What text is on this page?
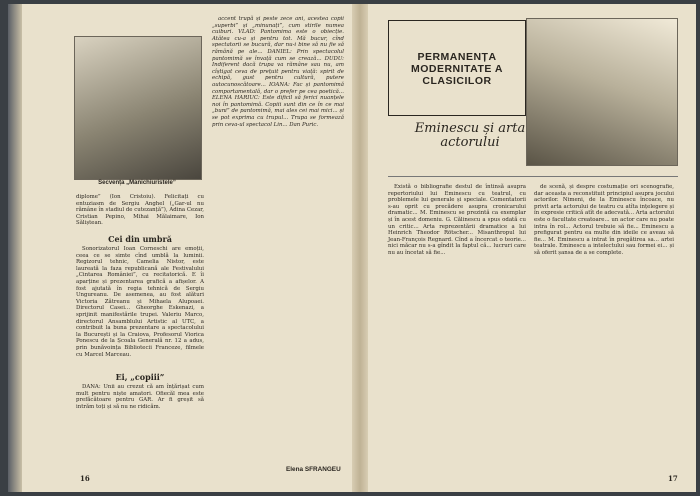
Secvența „Manichiuristele”
diplome” (Ion Cristoiu). Felicitați cu entuziasm de Sergiu Anghel („Gar-ul nu rămâne în stadiul de cutezanță”), Adina Cezar, Cristian Pepino, Mihai Mălaimare, Ion Săliștean.
Cei din umbră

Sonorizatorul Ioan Corneschi are emoții, ceea ce se simte cînd umblă la luminii. Regizorul tehnic, Camelia Nistor, este laureată la faza republicană ale Festivalului „Cintarea României”, cu recitatorică. E îi aparține și prezentarea grafică a afișelor. A fost ajutată în regia tehnică de Sergiu Ungureanu. De asemenea, au fost alături Victoria Zătreanu și Mihaela Alupoaei. Directorul Casei... Gheorghe Eskenazi, a sprijinit manifestările trupei. Valeriu Marco, directorul Ansamblului Artistic al UTC, a contribuit la buna prezentare a spectacolului la București și la Craiova, Profesorul Viorica Ponescu de la Școala Generală nr. 12 a adus, prin bunăvoința Bibliotecii Franceze, filmele cu Marcel Marceau.

Ei, „copiii”

DANA: Unii au crezut că am înțărișat cum mult pentru niște amatori. Ofiecăl mea este prefăcătoare pentru GAR. Ar fi greșit să intrăm toți și să nu ne ridicăm.

accent trupă și peste zece ani, acestea copii „superbi” și „minunați”, cum stirile numea cuiburi. VLAD: Pantomima este o obiecție. Atâtea cu-a și pentru tot. Mă bucur, cînd spectatorii se bucură, dar nu-i bine să nu fie să rămână pe ale... DANIEL: Prin spectacolul pantomimă se învață cum se crează... DUDU: Indiferent dacă trupa va rămâne sau nu, am cîștigat ceva de prețuit pentru viață: spirit de echipă, gust pentru cultură, putere autocunoscătoare... IOANA: Fac și pantomimă comportamentală, dar o prefer pe cea poetică... ELENA HARIUC: Este dificil să ferici nuanțele noi în pantomimă. Copiii sunt din ce în ce mai „buni” de pantomimă, mai ales cei mai mici... și se pot exprima cu trupul... Trupa se formează prin ceva-ul spectacol Lin... Dan Puric.

16
Elena SFRANGEU
PERMANENȚA MODERNITATE A CLASICILOR
Eminescu și arta actorului

Există o bibliografie destul de întinsă asupra repertoriului lui Eminescu cu teatrul, cu problemele lui generale și speciale. Comentatorii s-au oprit cu precădere asupra cronicarului dramatic... M. Eminescu se prezintă ca exemplar și în acest domeniu. G. Călinescu a spus odată cu un critic... Arta reprezentării dramatice a lui Heinrich Theodor Rötscher... Misanthropul lui Jean-François Regnard. Cînd a încercat o teorie... nici măcar nu s-a gîndit la faptul că... lucruri care nu au încetat să fie...

de scenă, și despre costumație ori scenografie, dar aceasta a reconstituit principiul asupra jocului actorilor. Nimeni, de la Eminescu încoace, nu privit arta actorului de teatru cu atîta ințelegere și în expresie critică atît de adecvată... Arta actorului este o facultate creatoare... un actor care nu poate intra în rol... Actorul trebuie să fie... Eminescu a prefigurat pentru ea multe din ideile ce aveau să fie... M. Eminescu a intrat în pregătirea sa... artei teatrale. Eminescu a intelectului sau formei ei... și să oferit șansa de a se complete.

17
